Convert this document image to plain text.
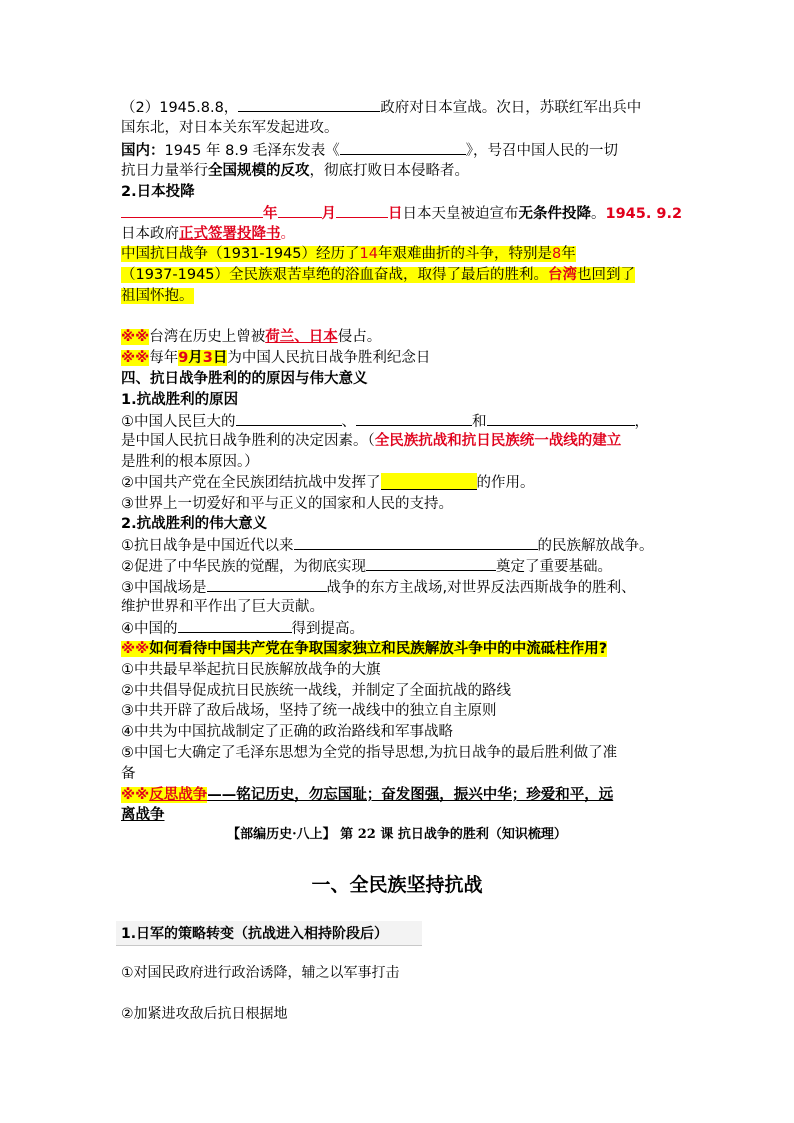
（2）1945.8.8，	政府对日本宣战。次日，苏联红军出兵中
国东北，对日本关东军发起进攻。
国内：1945 年 8.9 毛泽东发表《	》，号召中国人民的一切
抗日力量举行全国规模的反攻，彻底打败日本侵略者。
2.日本投降
年	月	日日本天皇被迫宣布无条件投降。1945. 9.2
日本政府正式签署投降书。
中国抗日战争（1931-1945）经历了14年艰难曲折的斗争，特别是8年
（1937-1945）全民族艰苦卓绝的浴血奋战，取得了最后的胜利。台湾也回到了
祖国怀抱。
※※台湾在历史上曾被荷兰、日本侵占。
※※每年9月3日为中国人民抗日战争胜利纪念日
四、抗日战争胜利的的原因与伟大意义
1.抗战胜利的原因
①中国人民巨大的	、	和	，
是中国人民抗日战争胜利的决定因素。（全民族抗战和抗日民族统一战线的建立
是胜利的根本原因。）
②中国共产党在全民族团结抗战中发挥了	的作用。
③世界上一切爱好和平与正义的国家和人民的支持。
2.抗战胜利的伟大意义
①抗日战争是中国近代以来	的民族解放战争。
②促进了中华民族的觉醒，为彻底实现	奠定了重要基础。
③中国战场是	战争的东方主战场,对世界反法西斯战争的胜利、
维护世界和平作出了巨大贡献。
④中国的	得到提高。
※※如何看待中国共产党在争取国家独立和民族解放斗争中的中流砥柱作用?
①中共最早举起抗日民族解放战争的大旗
②中共倡导促成抗日民族统一战线，并制定了全面抗战的路线
③中共开辟了敌后战场，坚持了统一战线中的独立自主原则
④中共为中国抗战制定了正确的政治路线和军事战略
⑤中国七大确定了毛泽东思想为全党的指导思想,为抗日战争的最后胜利做了准
备
※※反思战争——铭记历史，勿忘国耻；奋发图强，振兴中华；珍爱和平，远
离战争
【部编历史·八上】 第 22 课 抗日战争的胜利（知识梳理）
一、全民族坚持抗战
1.日军的策略转变（抗战进入相持阶段后）
①对国民政府进行政治诱降，辅之以军事打击
②加紧进攻敌后抗日根据地
